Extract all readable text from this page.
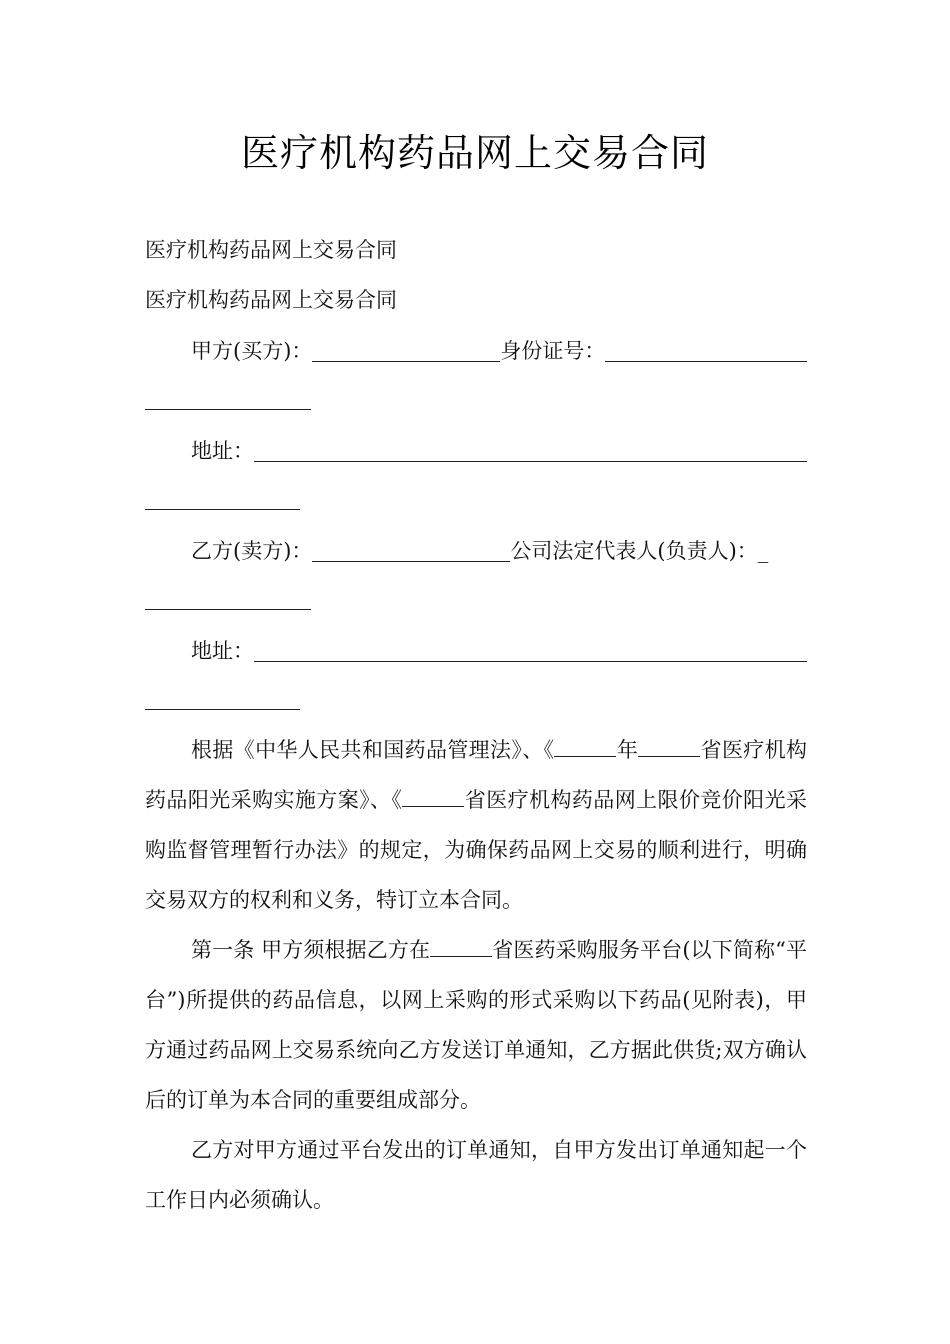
医疗机构药品网上交易合同
医疗机构药品网上交易合同
医疗机构药品网上交易合同
甲方(买方)：	身份证号：
地址：
乙方(卖方)：	公司法定代表人(负责人)：_
地址：
根据《中华人民共和国药品管理法》、《	年	省医疗机构药品阳光采购实施方案》、《	省医疗机构药品网上限价竞价阳光采购监督管理暂行办法》的规定，为确保药品网上交易的顺利进行，明确交易双方的权利和义务，特订立本合同。
第一条 甲方须根据乙方在	省医药采购服务平台(以下简称“平台”)所提供的药品信息，以网上采购的形式采购以下药品(见附表)，甲方通过药品网上交易系统向乙方发送订单通知，乙方据此供货;双方确认后的订单为本合同的重要组成部分。
乙方对甲方通过平台发出的订单通知，自甲方发出订单通知起一个工作日内必须确认。
